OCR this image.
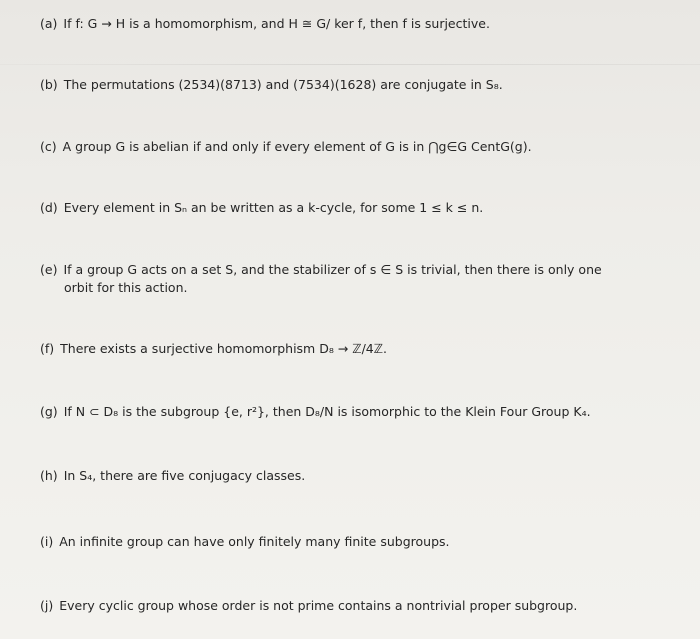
(a) If f: G → H is a homomorphism, and H ≅ G/ ker f, then f is surjective.
(b) The permutations (2534)(8713) and (7534)(1628) are conjugate in S₈.
(c) A group G is abelian if and only if every element of G is in ⋂g∈G CentG(g).
(d) Every element in Sₙ an be written as a k-cycle, for some 1 ≤ k ≤ n.
(e) If a group G acts on a set S, and the stabilizer of s ∈ S is trivial, then there is only one
orbit for this action.
(f) There exists a surjective homomorphism D₈ → ℤ/4ℤ.
(g) If N ⊂ D₈ is the subgroup {e, r²}, then D₈/N is isomorphic to the Klein Four Group K₄.
(h) In S₄, there are five conjugacy classes.
(i) An infinite group can have only finitely many finite subgroups.
(j) Every cyclic group whose order is not prime contains a nontrivial proper subgroup.
